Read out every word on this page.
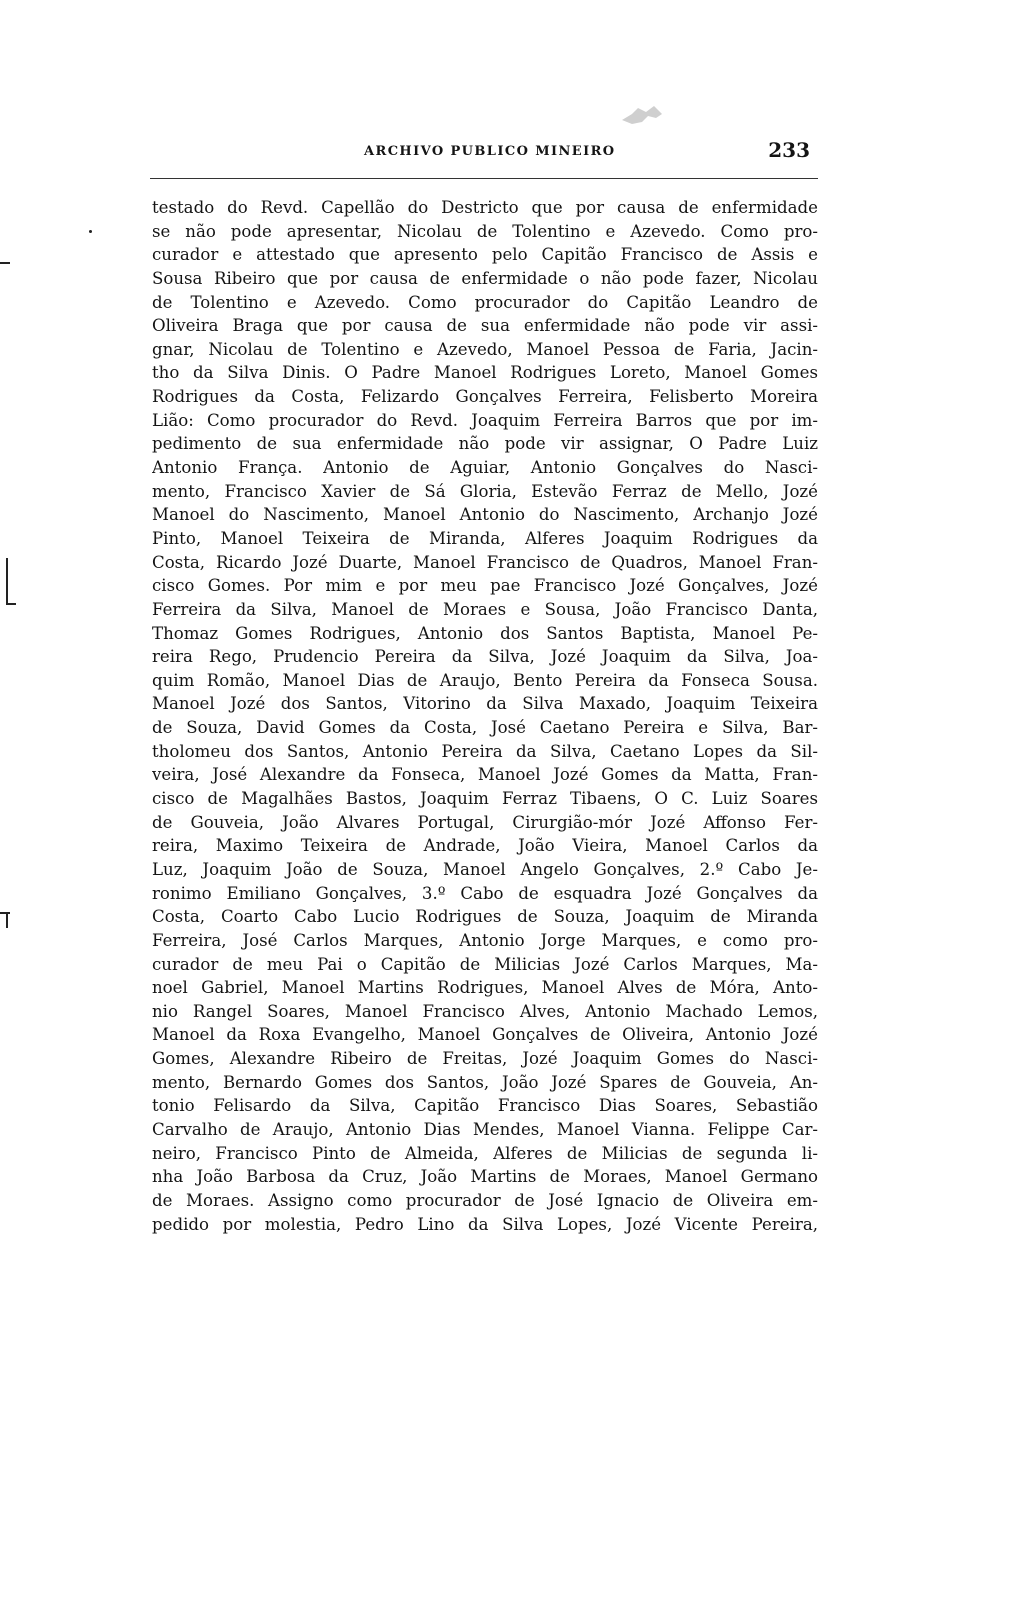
ARCHIVO PUBLICO MINEIRO	233
testado do Revd. Capellão do Destricto que por causa de enfermidade
se não pode apresentar, Nicolau de Tolentino e Azevedo. Como pro-
curador e attestado que apresento pelo Capitão Francisco de Assis e
Sousa Ribeiro que por causa de enfermidade o não pode fazer, Nicolau
de Tolentino e Azevedo. Como procurador do Capitão Leandro de
Oliveira Braga que por causa de sua enfermidade não pode vir assi-
gnar, Nicolau de Tolentino e Azevedo, Manoel Pessoa de Faria, Jacin-
tho da Silva Dinis. O Padre Manoel Rodrigues Loreto, Manoel Gomes
Rodrigues da Costa, Felizardo Gonçalves Ferreira, Felisberto Moreira
Lião: Como procurador do Revd. Joaquim Ferreira Barros que por im-
pedimento de sua enfermidade não pode vir assignar, O Padre Luiz
Antonio França. Antonio de Aguiar, Antonio Gonçalves do Nasci-
mento, Francisco Xavier de Sá Gloria, Estevão Ferraz de Mello, Jozé
Manoel do Nascimento, Manoel Antonio do Nascimento, Archanjo Jozé
Pinto, Manoel Teixeira de Miranda, Alferes Joaquim Rodrigues da
Costa, Ricardo Jozé Duarte, Manoel Francisco de Quadros, Manoel Fran-
cisco Gomes. Por mim e por meu pae Francisco Jozé Gonçalves, Jozé
Ferreira da Silva, Manoel de Moraes e Sousa, João Francisco Danta,
Thomaz Gomes Rodrigues, Antonio dos Santos Baptista, Manoel Pe-
reira Rego, Prudencio Pereira da Silva, Jozé Joaquim da Silva, Joa-
quim Romão, Manoel Dias de Araujo, Bento Pereira da Fonseca Sousa.
Manoel Jozé dos Santos, Vitorino da Silva Maxado, Joaquim Teixeira
de Souza, David Gomes da Costa, José Caetano Pereira e Silva, Bar-
tholomeu dos Santos, Antonio Pereira da Silva, Caetano Lopes da Sil-
veira, José Alexandre da Fonseca, Manoel Jozé Gomes da Matta, Fran-
cisco de Magalhães Bastos, Joaquim Ferraz Tibaens, O C. Luiz Soares
de Gouveia, João Alvares Portugal, Cirurgião-mór Jozé Affonso Fer-
reira, Maximo Teixeira de Andrade, João Vieira, Manoel Carlos da
Luz, Joaquim João de Souza, Manoel Angelo Gonçalves, 2.º Cabo Je-
ronimo Emiliano Gonçalves, 3.º Cabo de esquadra Jozé Gonçalves da
Costa, Coarto Cabo Lucio Rodrigues de Souza, Joaquim de Miranda
Ferreira, José Carlos Marques, Antonio Jorge Marques, e como pro-
curador de meu Pai o Capitão de Milicias Jozé Carlos Marques, Ma-
noel Gabriel, Manoel Martins Rodrigues, Manoel Alves de Móra, Anto-
nio Rangel Soares, Manoel Francisco Alves, Antonio Machado Lemos,
Manoel da Roxa Evangelho, Manoel Gonçalves de Oliveira, Antonio Jozé
Gomes, Alexandre Ribeiro de Freitas, Jozé Joaquim Gomes do Nasci-
mento, Bernardo Gomes dos Santos, João Jozé Spares de Gouveia, An-
tonio Felisardo da Silva, Capitão Francisco Dias Soares, Sebastião
Carvalho de Araujo, Antonio Dias Mendes, Manoel Vianna. Felippe Car-
neiro, Francisco Pinto de Almeida, Alferes de Milicias de segunda li-
nha João Barbosa da Cruz, João Martins de Moraes, Manoel Germano
de Moraes. Assigno como procurador de José Ignacio de Oliveira em-
pedido por molestia, Pedro Lino da Silva Lopes, Jozé Vicente Pereira,
